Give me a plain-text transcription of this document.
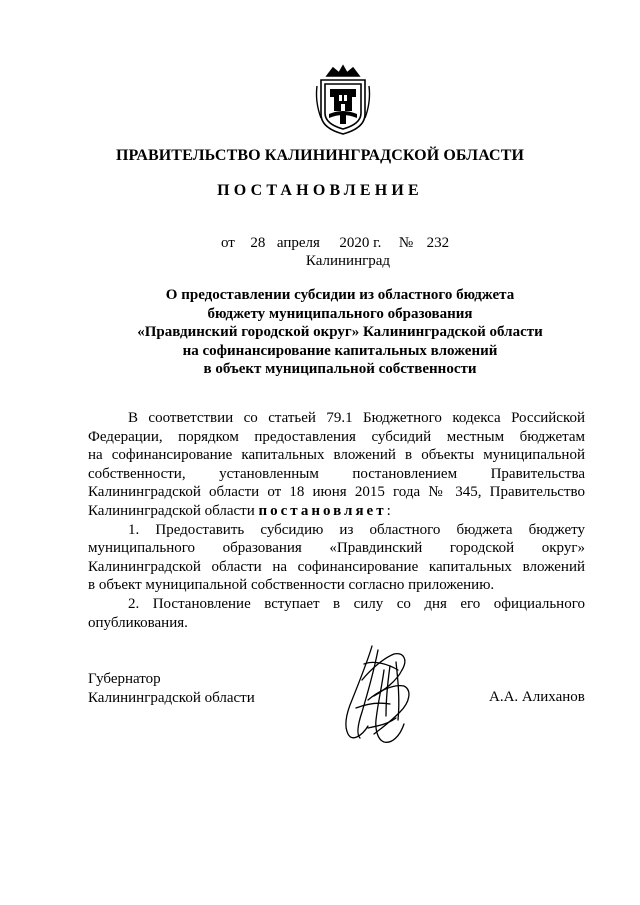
ПРАВИТЕЛЬСТВО КАЛИНИНГРАДСКОЙ ОБЛАСТИ
ПОСТАНОВЛЕНИЕ
от 28 апреля 2020 г. № 232
Калининград
О предоставлении субсидии из областного бюджета
бюджету муниципального образования
«Правдинский городской округ» Калининградской области
на софинансирование капитальных вложений
в объект муниципальной собственности
В соответствии со статьей 79.1 Бюджетного кодекса Российской
Федерации, порядком предоставления субсидий местным бюджетам
на софинансирование капитальных вложений в объекты муниципальной
собственности, установленным постановлением Правительства
Калининградской области от 18 июня 2015 года № 345, Правительство
Калининградской области постановляет:
1. Предоставить субсидию из областного бюджета бюджету
муниципального образования «Правдинский городской округ»
Калининградской области на софинансирование капитальных вложений
в объект муниципальной собственности согласно приложению.
2. Постановление вступает в силу со дня его официального
опубликования.
Губернатор
Калининградской области	А.А. Алиханов
